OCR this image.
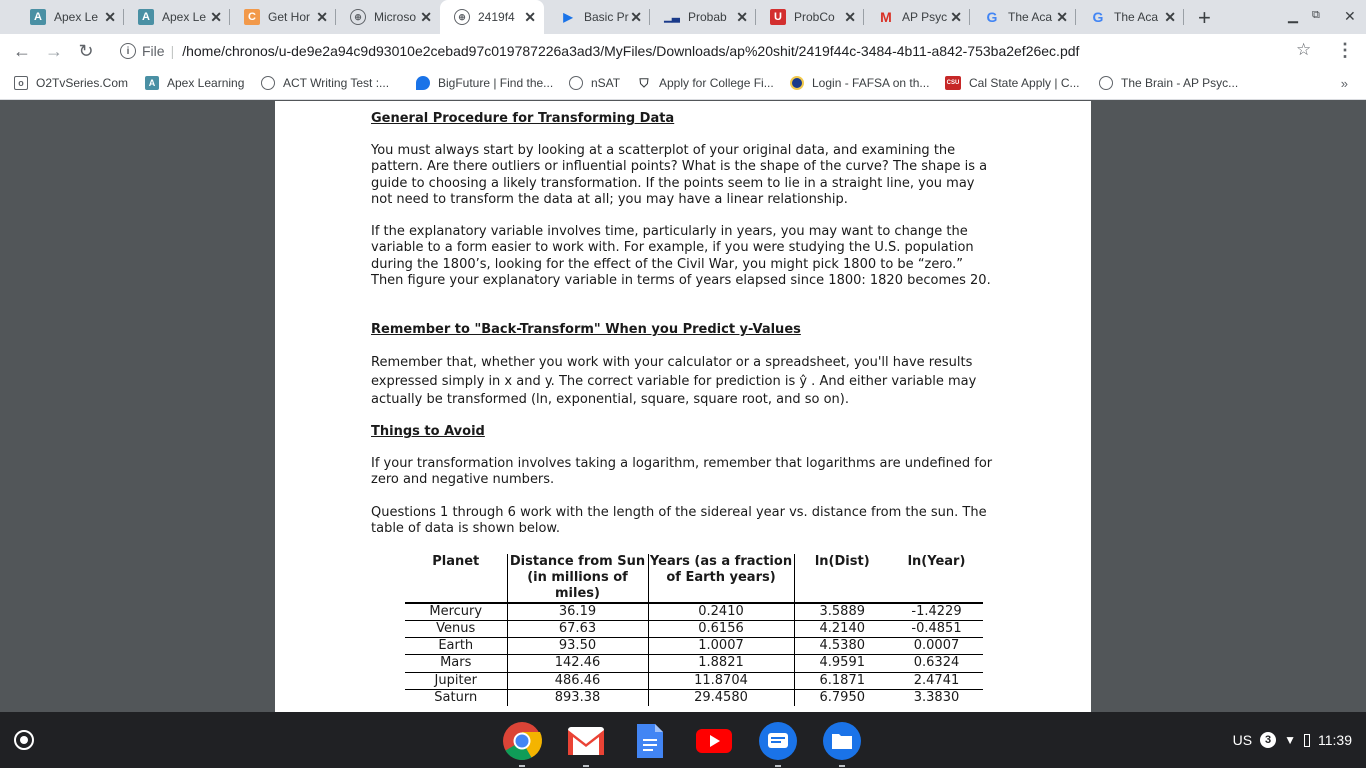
A	Apex Le ✕	A	Apex Le ✕	C	Get Hor ✕	⊕	Microso ✕	⊕	2419f4 ✕ ▶ Basic Pr ✕ ▁▃ Probab ✕	U	ProbCo ✕ M AP Psyc ✕ G The Aca ✕ G The Aca ✕ +	▁ ⧉ ✕
← → ↻	i File | /home/chronos/u-de9e2a94c9d93010e2cebad97c019787226a3ad3/MyFiles/Downloads/ap%20shit/2419f44c-3484-4b11-a842-753ba2ef26ec.pdf	☆ ⋮
o	O2TvSeries.Com	A Apex Learning	ACT Writing Test :...	BigFuture | Find the...	nSAT ⛉ Apply for College Fi...	Login - FAFSA on th...	CSU Cal State Apply | C...	The Brain - AP Psyc...	»
General Procedure for Transforming Data
You must always start by looking at a scatterplot of your original data, and examining the pattern. Are there outliers or influential points? What is the shape of the curve? The shape is a guide to choosing a likely transformation. If the points seem to lie in a straight line, you may not need to transform the data at all; you may have a linear relationship.
If the explanatory variable involves time, particularly in years, you may want to change the variable to a form easier to work with. For example, if you were studying the U.S. population during the 1800’s, looking for the effect of the Civil War, you might pick 1800 to be “zero.” Then figure your explanatory variable in terms of years elapsed since 1800: 1820 becomes 20.
Remember to "Back-Transform" When you Predict y-Values
Remember that, whether you work with your calculator or a spreadsheet, you'll have results expressed simply in x and y. The correct variable for prediction is ŷ . And either variable may actually be transformed (ln, exponential, square, square root, and so on).
Things to Avoid
If your transformation involves taking a logarithm, remember that logarithms are undefined for zero and negative numbers.
Questions 1 through 6 work with the length of the sidereal year vs. distance from the sun. The table of data is shown below.
Planet	Distance from Sun (in millions of miles)	Years (as a fraction of Earth years)	ln(Dist)	ln(Year)
Mercury	36.19	0.2410	3.5889	-1.4229
Venus	67.63	0.6156	4.2140	-0.4851
Earth	93.50	1.0007	4.5380	0.0007
Mars	142.46	1.8821	4.9591	0.6324
Jupiter	486.46	11.8704	6.1871	2.4741
Saturn	893.38	29.4580	6.7950	3.3830
US	3	▼ 11:39
